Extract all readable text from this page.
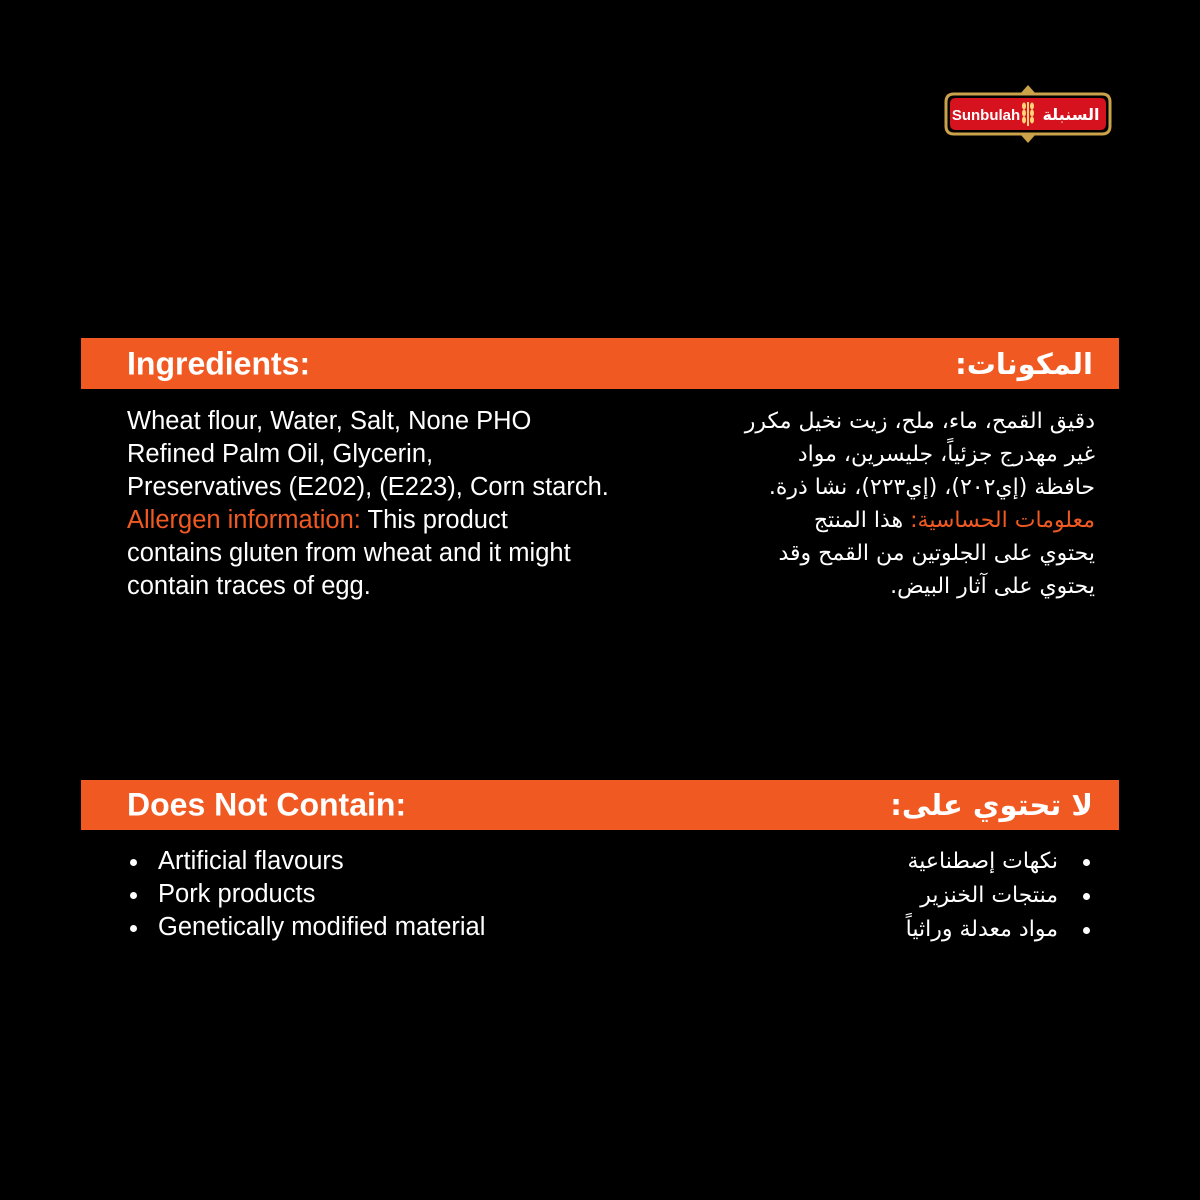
Sunbulah السنبلة
Ingredients:	المكونات:
Wheat flour, Water, Salt, None PHO
Refined Palm Oil, Glycerin,
Preservatives (E202), (E223), Corn starch.
Allergen information: This product
contains gluten from wheat and it might
contain traces of egg.
دقيق القمح، ماء، ملح، زيت نخيل مكرر
غير مهدرج جزئياً، جليسرين، مواد
حافظة (إي٢٠٢)، (إي٢٢٣)، نشا ذرة.
معلومات الحساسية: هذا المنتج
يحتوي على الجلوتين من القمح وقد
يحتوي على آثار البيض.
Does Not Contain:	لا تحتوي على:
Artificial flavours
Pork products
Genetically modified material
نكهات إصطناعية
منتجات الخنزير
مواد معدلة وراثياً
